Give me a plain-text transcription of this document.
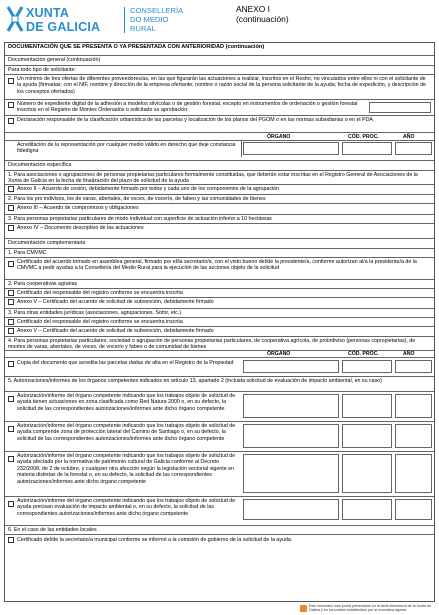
XUNTA
DE GALICIA
CONSELLERÍA
DO MEDIO
RURAL
ANEXO I
(continuación)
DOCUMENTACIÓN QUE SE PRESENTA O YA PRESENTADA CON ANTERIORIDAD (continuación)
Documentación general (continuación)
Para todo tipo de solicitante:
Un mínimo de tres ofertas de diferentes proveedores/as, en las que figurarán las actuaciones a realizar, inscritos en el Resfor, no vinculados entre ellos ni con el solicitante de la ayuda (firmadas; con el NIF, nombre y dirección de la empresa ofertante; nombre o razón social de la persona solicitante de la ayuda; fecha de expedición, y descripción de los conceptos ofertados)
Número de expediente digital de la adhesión a modelos silvícolas o de gestión forestal, excepto en instrumentos de ordenación o gestión forestal inscritos en el Registro de Montes Ordenados o solicitado su aprobación:
Declaración responsable de la clasificación urbanística de las parcelas y localización de los planos del PGOM o en las normas subsidiarias o en el PDA
ÓRGANO	CÓD. PROC.	AÑO
Acreditación de la representación por cualquier medio válido en derecho que deje constancia fidedigna
Documentación específica
1. Para asociaciones o agrupaciones de personas propietarias particulares formalmente constituidas, que deberán estar inscritas en el Registro General de Asociaciones de la Xunta de Galicia en la fecha de finalización del plazo de solicitud de la ayuda
Anexo II – Acuerdo de cesión, debidamente firmado por todos y cada uno de los componentes de la agrupación
2. Para los pro indivisos, los de varas, abertales, de voces, de vocerío, de fabeo y las comunidades de bienes
Anexo III – Acuerdo de compromisos y obligaciones
3. Para personas propietarias particulares de modo individual con superficie de actuación inferior a 10 hectáreas
Anexo IV – Documento descriptivo de las actuaciones
Documentación complementaria
1. Para CMVMC
Certificado del acuerdo tomado en asamblea general, firmado por el/la secretario/a, con el visto bueno del/de la presidente/a, conforme autorizan al/a la presidente/a de la CMVMC a pedir ayudas a la Consellería del Medio Rural para la ejecución de las acciones objeto de la solicitud
2. Para cooperativas agrarias
Certificado del responsable del registro conforme se encuentra inscrita
Anexo V – Certificado del acuerdo de solicitud de subvención, debidamente firmado
3. Para otras entidades jurídicas (asociaciones, agrupaciones, Sofor, etc.)
Certificado del responsable del registro conforme se encuentra inscrita
Anexo V – Certificado del acuerdo de solicitud de subvención, debidamente firmado
4. Para personas propietarias particulares, sociedad o agrupación de personas propietarias particulares, de cooperativa agrícola, de proindiviso (personas copropietarias), de montes de varas, abertales, de voces, de vocerío y fabeo o de comunidad de bienes
ÓRGANO	CÓD. PROC.	AÑO
Copia del documento que acredita las parcelas dadas de alta en el Registro de la Propiedad
5. Autorizaciones/informes de los órganos competentes indicados en artículo 13, apartado 2 (incluida solicitud de evaluación de impacto ambiental, en su caso)
Autorización/informe del órgano competente indicando que los trabajos objeto de solicitud de ayuda tienen actuaciones en zona clasificada como Red Natura 2000 o, en su defecto, la solicitud de las correspondientes autorizaciones/informes ante dicho órgano competente.
Autorización/informe del órgano competente indicando que los trabajos objeto de solicitud de ayuda comprende zona de protección lateral del Camino de Santiago o, en su defecto, la solicitud de las correspondientes autorizaciones/informes ante dicho órgano competente
Autorización/informe del órgano competente indicando que los trabajos objeto de solicitud de ayuda afectada por la normativa de patrimonio cultural de Galicia conforme al Decreto 232/2008, de 2 de octubre, y cualquier otra afección según la legislación sectorial vigente en materia distintas de la forestal o, en su defecto, la solicitud de las correspondientes autorizaciones/informes ante dicho órgano competente
Autorización/informe del órgano competente indicando que los trabajos objeto de solicitud de ayuda precisan evaluación de impacto ambiental o, en su defecto, la solicitud de las correspondientes autorizaciones/informes ante dicho órgano competente
6. En el caso de las entidades locales
Certificado del/de la secretario/a municipal conforme se informó a la comisión de gobierno de la solicitud de la ayuda.
Este formulario sólo podrá presentarse en la sede electrónica de la Xunta de Galicia y en los medios establecidos por la normativa vigente.
